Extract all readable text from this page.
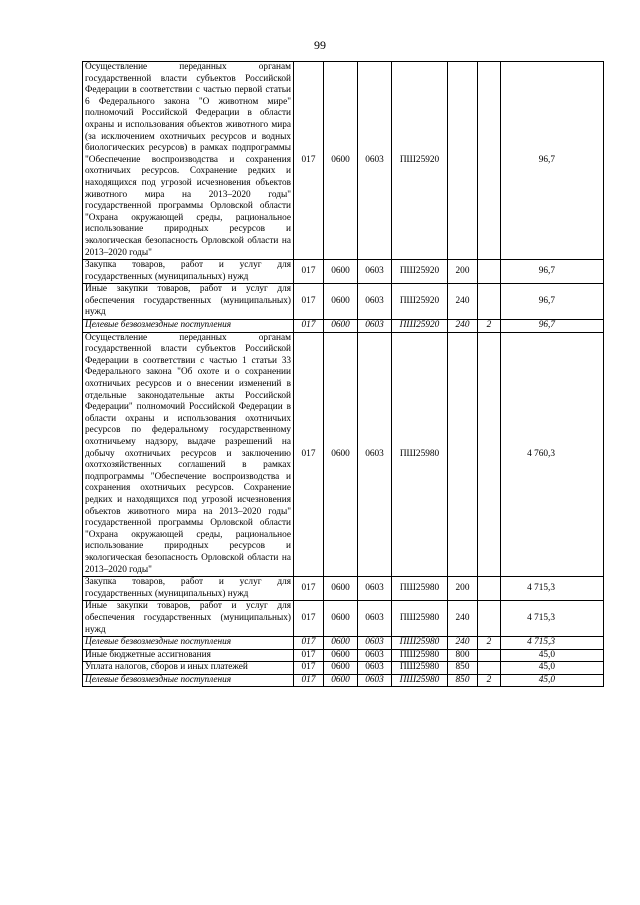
99
Осуществление переданных органам государственной власти субъектов Российской Федерации в соответствии с частью первой статьи 6 Федерального закона "О животном мире" полномочий Российской Федерации в области охраны и использования объектов животного мира (за исключением охотничьих ресурсов и водных биологических ресурсов) в рамках подпрограммы "Обеспечение воспроизводства и сохранения охотничьих ресурсов. Сохранение редких и находящихся под угрозой исчезновения объектов животного мира на 2013–2020 годы" государственной программы Орловской области "Охрана окружающей среды, рациональное использование природных ресурсов и экологическая безопасность Орловской области на 2013–2020 годы"	017	0600	0603	ПШ25920			96,7

Закупка товаров, работ и услуг для государственных (муниципальных) нужд	017	0600	0603	ПШ25920	200		96,7

Иные закупки товаров, работ и услуг для обеспечения государственных (муниципальных) нужд	017	0600	0603	ПШ25920	240		96,7

Целевые безвозмездные поступления	017	0600	0603	ПШ25920	240	2	96,7

Осуществление переданных органам государственной власти субъектов Российской Федерации в соответствии с частью 1 статьи 33 Федерального закона "Об охоте и о сохранении охотничьих ресурсов и о внесении изменений в отдельные законодательные акты Российской Федерации" полномочий Российской Федерации в области охраны и использования охотничьих ресурсов по федеральному государственному охотничьему надзору, выдаче разрешений на добычу охотничьих ресурсов и заключению охотхозяйственных соглашений в рамках подпрограммы "Обеспечение воспроизводства и сохранения охотничьих ресурсов. Сохранение редких и находящихся под угрозой исчезновения объектов животного мира на 2013–2020 годы" государственной программы Орловской области "Охрана окружающей среды, рациональное использование природных ресурсов и экологическая безопасность Орловской области на 2013–2020 годы"	017	0600	0603	ПШ25980			4 760,3

Закупка товаров, работ и услуг для государственных (муниципальных) нужд	017	0600	0603	ПШ25980	200		4 715,3

Иные закупки товаров, работ и услуг для обеспечения государственных (муниципальных) нужд	017	0600	0603	ПШ25980	240		4 715,3

Целевые безвозмездные поступления	017	0600	0603	ПШ25980	240	2	4 715,3

Иные бюджетные ассигнования	017	0600	0603	ПШ25980	800		45,0

Уплата налогов, сборов и иных платежей	017	0600	0603	ПШ25980	850		45,0

Целевые безвозмездные поступления	017	0600	0603	ПШ25980	850	2	45,0
